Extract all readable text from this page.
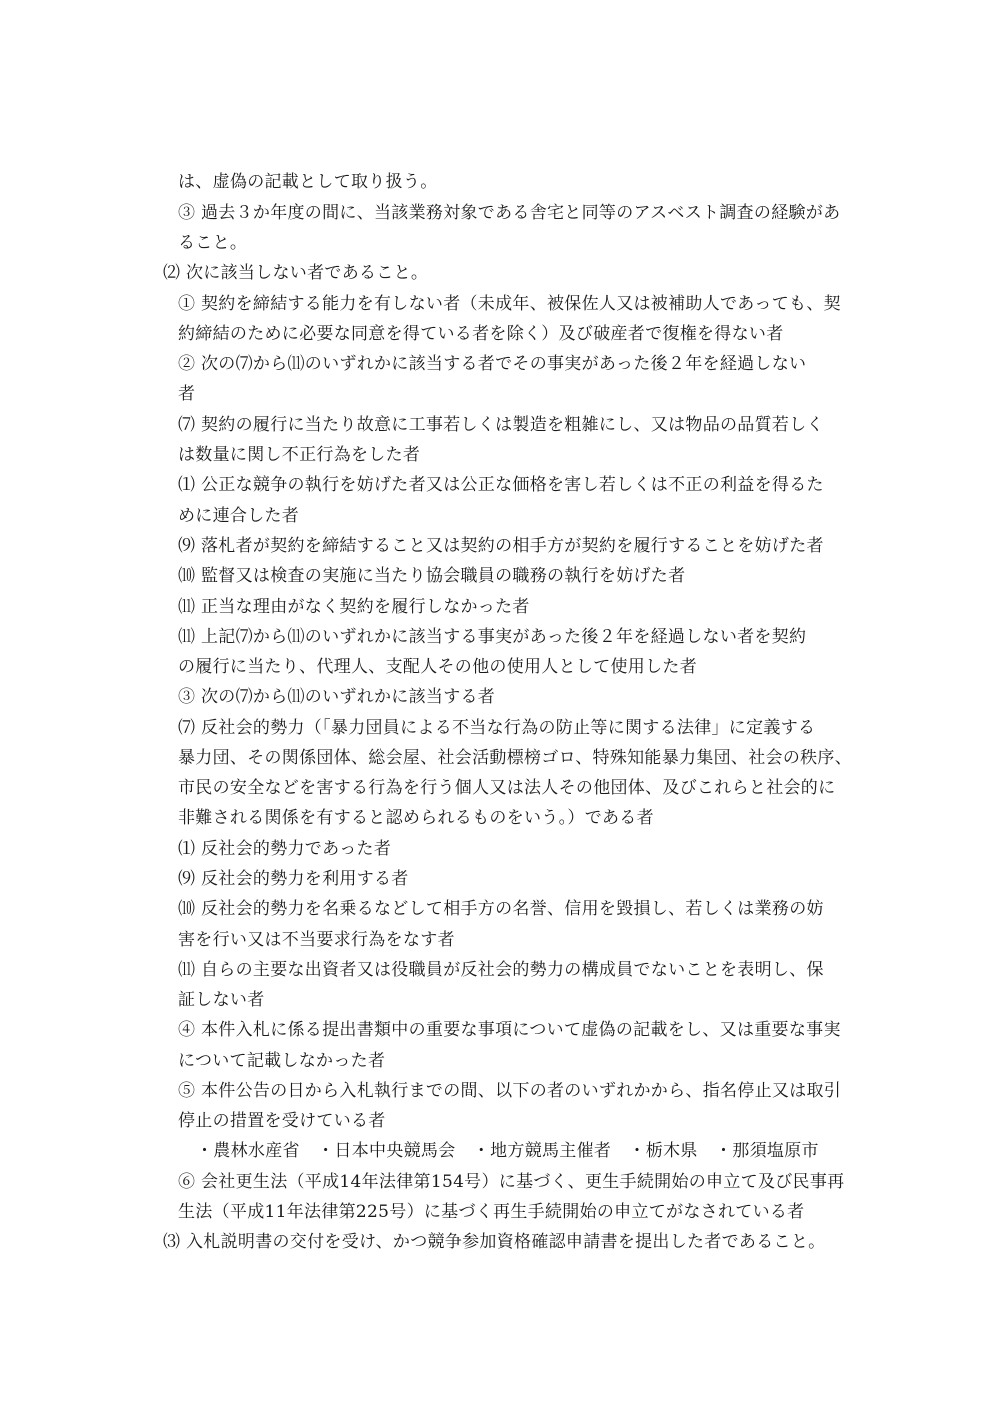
は、虚偽の記載として取り扱う。
③ 過去３か年度の間に、当該業務対象である舎宅と同等のアスベスト調査の経験があ
ること。
⑵ 次に該当しない者であること。
① 契約を締結する能力を有しない者（未成年、被保佐人又は被補助人であっても、契
約締結のために必要な同意を得ている者を除く）及び破産者で復権を得ない者
② 次の⑺から⑾のいずれかに該当する者でその事実があった後２年を経過しない
者
⑺ 契約の履行に当たり故意に工事若しくは製造を粗雑にし、又は物品の品質若しく
は数量に関し不正行為をした者
⑴ 公正な競争の執行を妨げた者又は公正な価格を害し若しくは不正の利益を得るた
めに連合した者
⑼ 落札者が契約を締結すること又は契約の相手方が契約を履行することを妨げた者
⑽ 監督又は検査の実施に当たり協会職員の職務の執行を妨げた者
⑾ 正当な理由がなく契約を履行しなかった者
⑾ 上記⑺から⑾のいずれかに該当する事実があった後２年を経過しない者を契約
の履行に当たり、代理人、支配人その他の使用人として使用した者
③ 次の⑺から⑾のいずれかに該当する者
⑺ 反社会的勢力（「暴力団員による不当な行為の防止等に関する法律」に定義する
暴力団、その関係団体、総会屋、社会活動標榜ゴロ、特殊知能暴力集団、社会の秩序、
市民の安全などを害する行為を行う個人又は法人その他団体、及びこれらと社会的に
非難される関係を有すると認められるものをいう。）である者
⑴ 反社会的勢力であった者
⑼ 反社会的勢力を利用する者
⑽ 反社会的勢力を名乗るなどして相手方の名誉、信用を毀損し、若しくは業務の妨
害を行い又は不当要求行為をなす者
⑾ 自らの主要な出資者又は役職員が反社会的勢力の構成員でないことを表明し、保
証しない者
④ 本件入札に係る提出書類中の重要な事項について虚偽の記載をし、又は重要な事実
について記載しなかった者
⑤ 本件公告の日から入札執行までの間、以下の者のいずれかから、指名停止又は取引
停止の措置を受けている者
・農林水産省　・日本中央競馬会　・地方競馬主催者　・栃木県　・那須塩原市
⑥ 会社更生法（平成14年法律第154号）に基づく、更生手続開始の申立て及び民事再
生法（平成11年法律第225号）に基づく再生手続開始の申立てがなされている者
⑶ 入札説明書の交付を受け、かつ競争参加資格確認申請書を提出した者であること。
